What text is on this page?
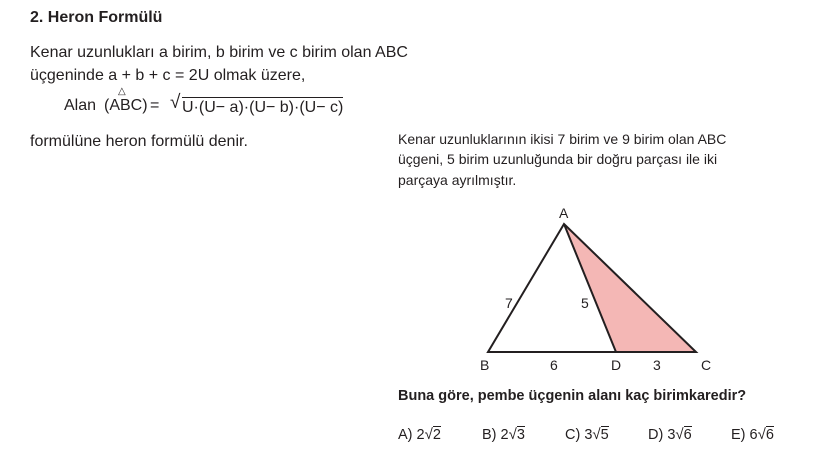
2. Heron Formülü
Kenar uzunlukları a birim, b birim ve c birim olan ABC
üçgeninde a + b + c = 2U olmak üzere,
Alan (ABC)
△
= √ U·(U− a)·(U− b)·(U− c)
formülüne heron formülü denir.	Kenar uzunluklarının ikisi 7 birim ve 9 birim olan ABC
üçgeni, 5 birim uzunluğunda bir doğru parçası ile iki
parçaya ayrılmıştır.
A
B	D	C
7	5
6	3
Buna göre, pembe üçgenin alanı kaç birimkaredir?
A) 2√2	B) 2√3	C) 3√5	D) 3√6	E) 6√6
